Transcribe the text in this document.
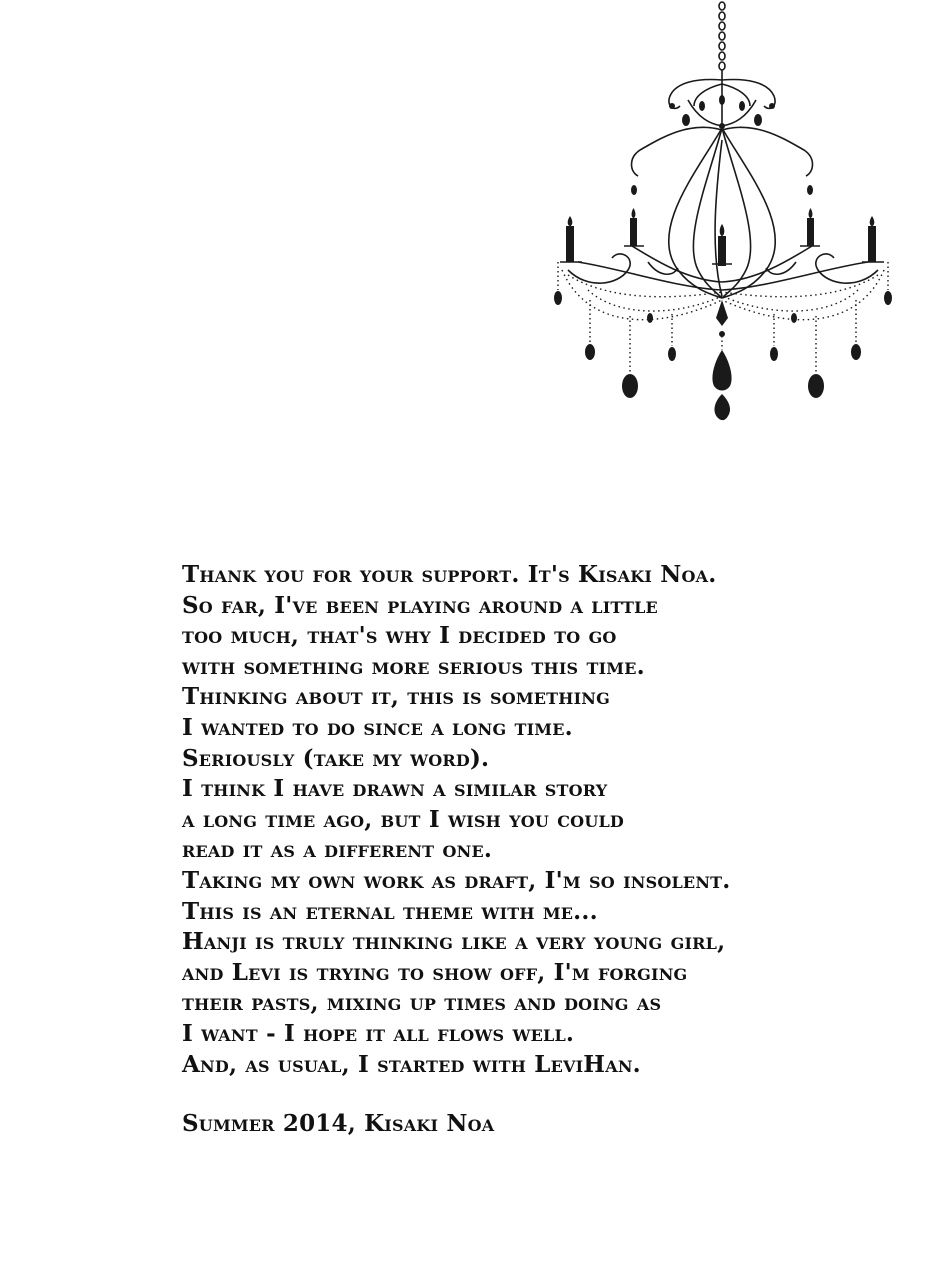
Thank you for your support. It's Kisaki Noa.
So far, I've been playing around a little
too much, that's why I decided to go
with something more serious this time.
Thinking about it, this is something
I wanted to do since a long time.
Seriously (take my word).
I think I have drawn a similar story
a long time ago, but I wish you could
read it as a different one.
Taking my own work as draft, I'm so insolent.
This is an eternal theme with me...
Hanji is truly thinking like a very young girl,
and Levi is trying to show off, I'm forging
their pasts, mixing up times and doing as
I want - I hope it all flows well.
And, as usual, I started with LeviHan.
Summer 2014, Kisaki Noa
